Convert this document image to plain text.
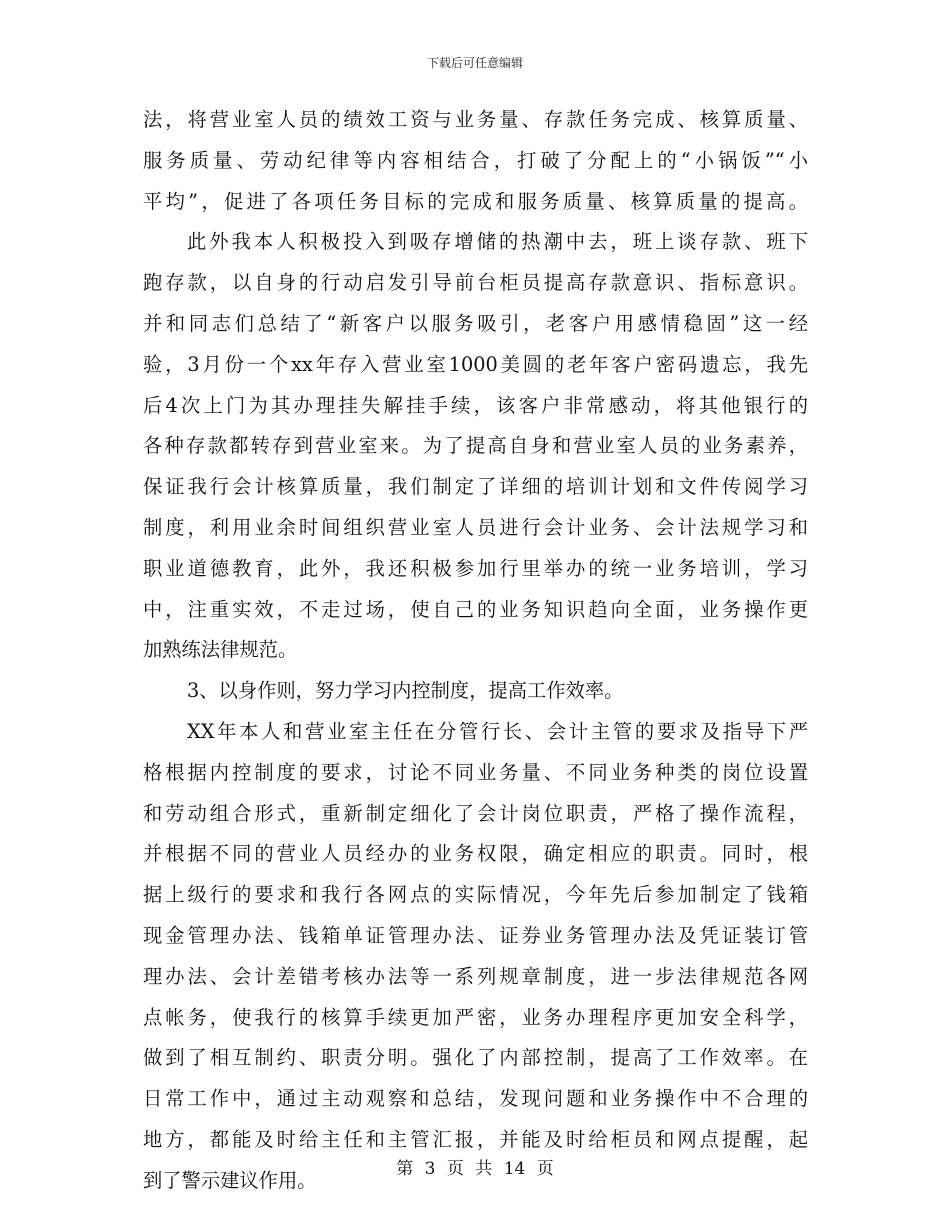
下载后可任意编辑
法，将营业室人员的绩效工资与业务量、存款任务完成、核算质量、
服务质量、劳动纪律等内容相结合，打破了分配上的“小锅饭”“小
平均”，促进了各项任务目标的完成和服务质量、核算质量的提高。
此外我本人积极投入到吸存增储的热潮中去，班上谈存款、班下
跑存款，以自身的行动启发引导前台柜员提高存款意识、指标意识。
并和同志们总结了“新客户以服务吸引，老客户用感情稳固”这一经
验，3月份一个xx年存入营业室1000美圆的老年客户密码遗忘，我先
后4次上门为其办理挂失解挂手续，该客户非常感动，将其他银行的
各种存款都转存到营业室来。为了提高自身和营业室人员的业务素养，
保证我行会计核算质量，我们制定了详细的培训计划和文件传阅学习
制度，利用业余时间组织营业室人员进行会计业务、会计法规学习和
职业道德教育，此外，我还积极参加行里举办的统一业务培训，学习
中，注重实效，不走过场，使自己的业务知识趋向全面，业务操作更
加熟练法律规范。
3、以身作则，努力学习内控制度，提高工作效率。
XX年本人和营业室主任在分管行长、会计主管的要求及指导下严
格根据内控制度的要求，讨论不同业务量、不同业务种类的岗位设置
和劳动组合形式，重新制定细化了会计岗位职责，严格了操作流程，
并根据不同的营业人员经办的业务权限，确定相应的职责。同时，根
据上级行的要求和我行各网点的实际情况，今年先后参加制定了钱箱
现金管理办法、钱箱单证管理办法、证券业务管理办法及凭证装订管
理办法、会计差错考核办法等一系列规章制度，进一步法律规范各网
点帐务，使我行的核算手续更加严密，业务办理程序更加安全科学，
做到了相互制约、职责分明。强化了内部控制，提高了工作效率。在
日常工作中，通过主动观察和总结，发现问题和业务操作中不合理的
地方，都能及时给主任和主管汇报，并能及时给柜员和网点提醒，起
到了警示建议作用。	第 3 页 共 14 页
